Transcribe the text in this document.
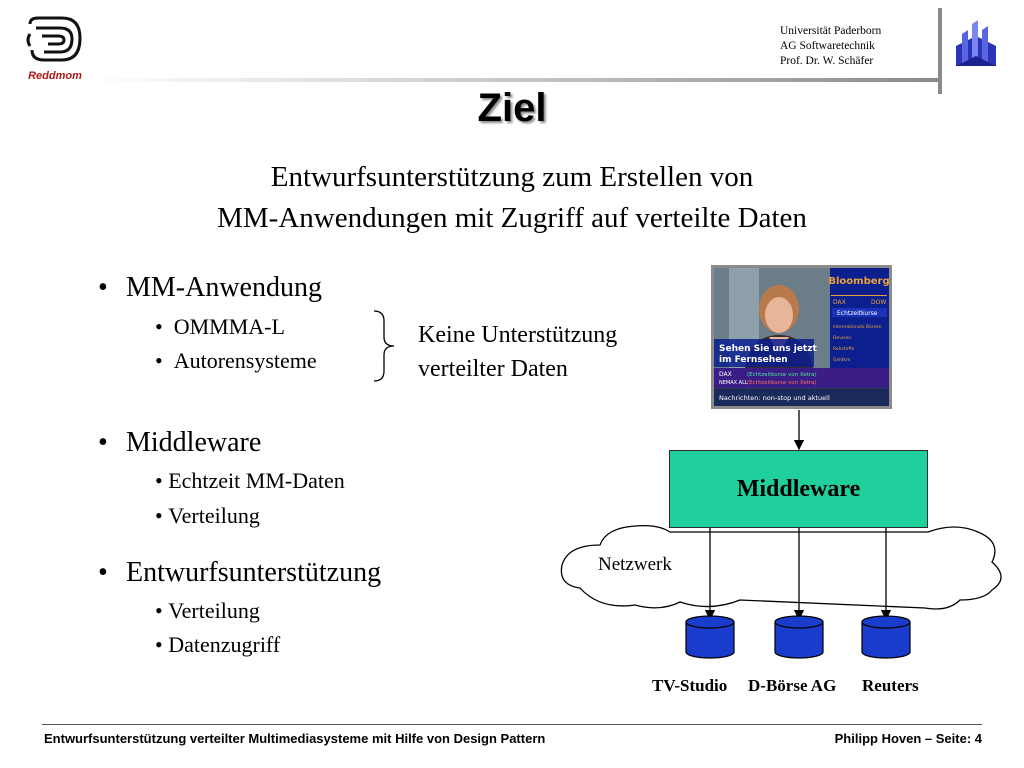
Reddmom
Universität Paderborn
AG Softwaretechnik
Prof. Dr. W. Schäfer
Ziel
Entwurfsunterstützung zum Erstellen von
MM-Anwendungen mit Zugriff auf verteilte Daten
• MM-Anwendung
•  OMMMA-L
•  Autorensysteme
• Middleware
• Echtzeit MM-Daten
• Verteilung
• Entwurfsunterstützung
• Verteilung
• Datenzugriff
Keine Unterstützung
verteilter Daten
Sehen Sie uns jetzt
im Fernsehen
Bloomberg
DAX	DOW
Echtzeitkurse
Internationale Börsen
Devisen
Rohstoffe
Geldkm
DAX	(Echtzeitkurse von Xetra)
NEMAX ALL (Echtzeitkurse von Xetra)
Nachrichten: non-stop und aktuell
Netzwerk
Middleware
TV-Studio D-Börse AG Reuters
Entwurfsunterstützung verteilter Multimediasysteme mit Hilfe von Design Pattern	Philipp Hoven – Seite: 4
